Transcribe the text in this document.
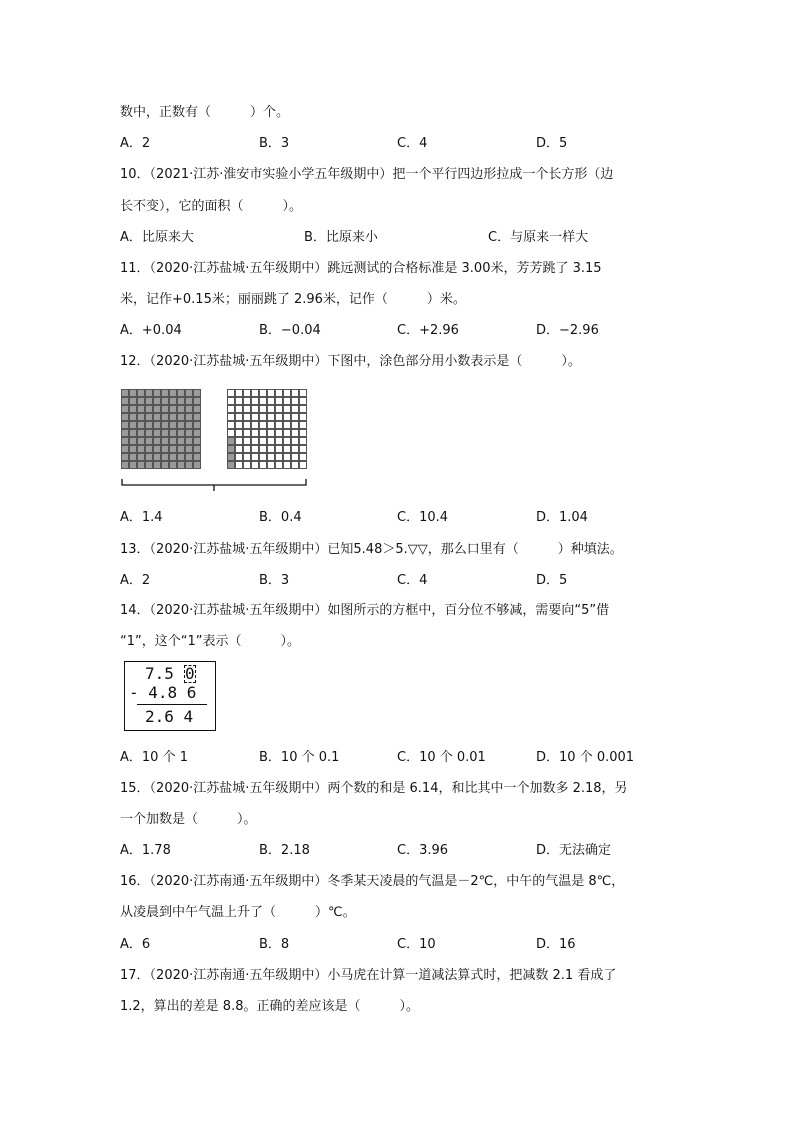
数中，正数有（　　　）个。
A．2	B．3	C．4	D．5
10．（2021·江苏·淮安市实验小学五年级期中）把一个平行四边形拉成一个长方形（边
长不变），它的面积（　　　）。
A．比原来大	B．比原来小	C．与原来一样大
11．（2020·江苏盐城·五年级期中）跳远测试的合格标准是 3.00米，芳芳跳了 3.15
米，记作+0.15米；丽丽跳了 2.96米，记作（　　　）米。
A．+0.04	B．−0.04	C．+2.96	D．−2.96
12．（2020·江苏盐城·五年级期中）下图中，涂色部分用小数表示是（　　　）。
A．1.4	B．0.4	C．10.4	D．1.04
13．（2020·江苏盐城·五年级期中）已知5.48＞5.▽▽，那么口里有（　　　）种填法。
A．2	B．3	C．4	D．5
14．（2020·江苏盐城·五年级期中）如图所示的方框中，百分位不够减，需要向“5”借
“1”，这个“1”表示（　　　）。
7.5 0
- 4.8 6
2.6 4
A．10 个 1	B．10 个 0.1	C．10 个 0.01	D．10 个 0.001
15．（2020·江苏盐城·五年级期中）两个数的和是 6.14，和比其中一个加数多 2.18，另
一个加数是（　　　）。
A．1.78	B．2.18	C．3.96	D．无法确定
16．（2020·江苏南通·五年级期中）冬季某天凌晨的气温是－2℃，中午的气温是 8℃，
从凌晨到中午气温上升了（　　　）℃。
A．6	B．8	C．10	D．16
17．（2020·江苏南通·五年级期中）小马虎在计算一道减法算式时，把减数 2.1 看成了
1.2，算出的差是 8.8。正确的差应该是（　　　）。
